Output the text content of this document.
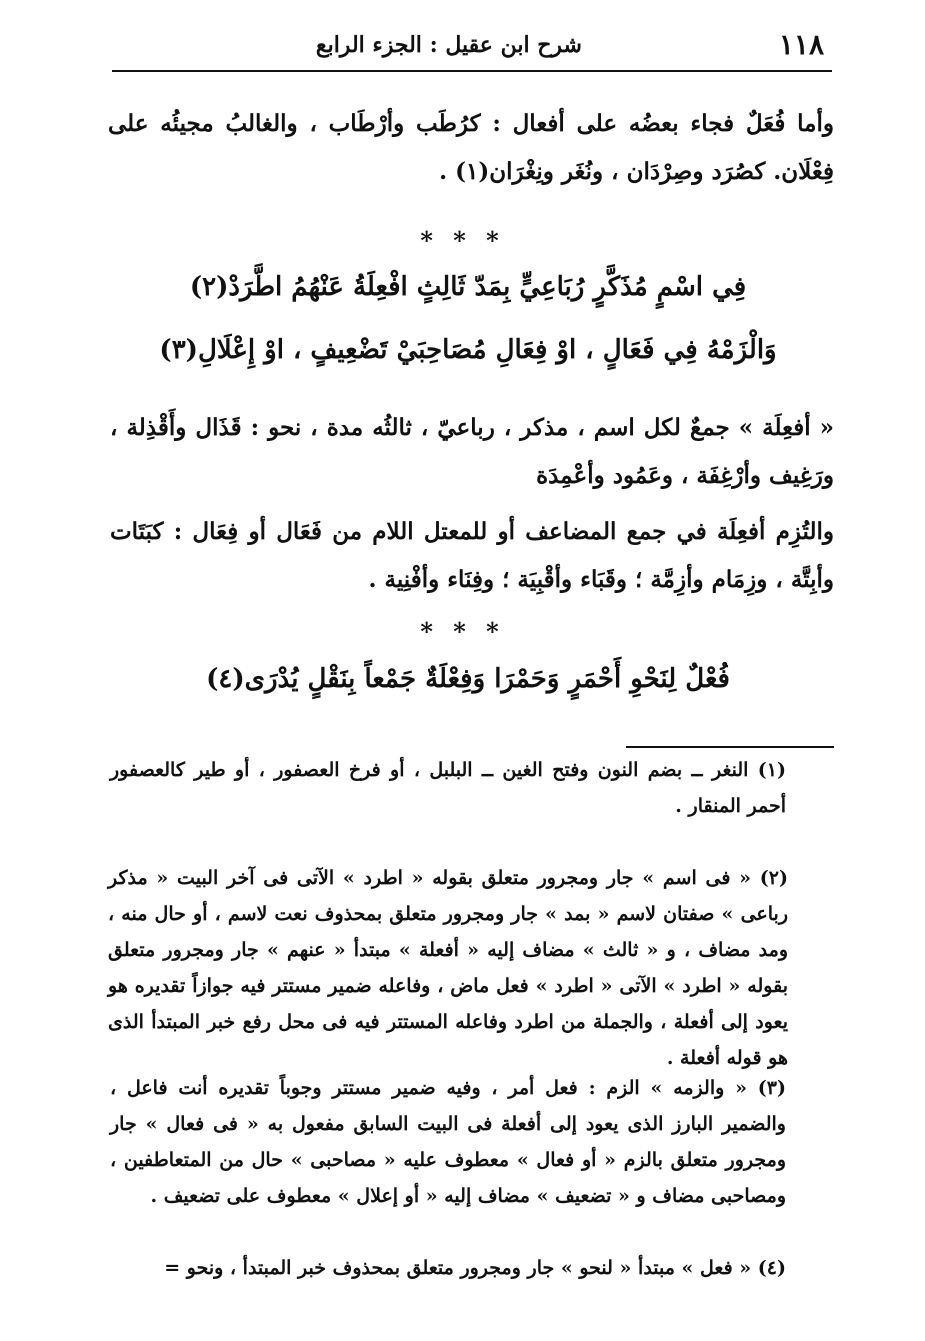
١١٨
شرح ابن عقيل : الجزء الرابع
وأما فُعَلٌ فجاء بعضُه على أفعال : كرُطَب وأرْطَاب ، والغالبُ مجيئُه على فِعْلَان. كصُرَد وصِرْدَان ، ونُغَر ونِغْرَان(١) .
* * *
فِي اسْمٍ مُذَكَّرٍ رُبَاعِيٍّ بِمَدّ ثَالِثٍ افْعِلَةُ عَنْهُمُ اطَّرَدْ(٢)
وَالْزَمْهُ فِي فَعَالٍ ، اوْ فِعَالِ مُصَاحِبَيْ تَضْعِيفٍ ، اوْ إِعْلَالِ(٣)
« أفعِلَة » جمعٌ لكل اسم ، مذكر ، رباعيّ ، ثالثُه مدة ، نحو : قَذَال وأَقْذِلة ، ورَغِيف وأرْغِفَة ، وعَمُود وأعْمِدَة
والتُزِم أفعِلَة في جمع المضاعف أو للمعتل اللام من فَعَال أو فِعَال : كبَتَات وأبِتَّة ، وزِمَام وأزِمَّة ؛ وقَبَاء وأقْبِيَة ؛ وفِنَاء وأفْنِية .
* * *
فُعْلٌ لِنَحْوِ أَحْمَرٍ وَحَمْرَا وَفِعْلَةٌ جَمْعاً بِنَقْلٍ يُدْرَى(٤)
(١) النغر ــ بضم النون وفتح الغين ــ البلبل ، أو فرخ العصفور ، أو طير كالعصفور أحمر المنقار .
(٢) « فى اسم » جار ومجرور متعلق بقوله « اطرد » الآتى فى آخر البيت « مذكر رباعى » صفتان لاسم « بمد » جار ومجرور متعلق بمحذوف نعت لاسم ، أو حال منه ، ومد مضاف ، و « ثالث » مضاف إليه « أفعلة » مبتدأ « عنهم » جار ومجرور متعلق بقوله « اطرد » الآتى « اطرد » فعل ماض ، وفاعله ضمير مستتر فيه جوازاً تقديره هو يعود إلى أفعلة ، والجملة من اطرد وفاعله المستتر فيه فى محل رفع خبر المبتدأ الذى هو قوله أفعلة .
(٣) « والزمه » الزم : فعل أمر ، وفيه ضمير مستتر وجوباً تقديره أنت فاعل ، والضمير البارز الذى يعود إلى أفعلة فى البيت السابق مفعول به « فى فعال » جار ومجرور متعلق بالزم « أو فعال » معطوف عليه « مصاحبى » حال من المتعاطفين ، ومصاحبى مضاف و « تضعيف » مضاف إليه « أو إعلال » معطوف على تضعيف .
(٤) « فعل » مبتدأ « لنحو » جار ومجرور متعلق بمحذوف خبر المبتدأ ، ونحو =
